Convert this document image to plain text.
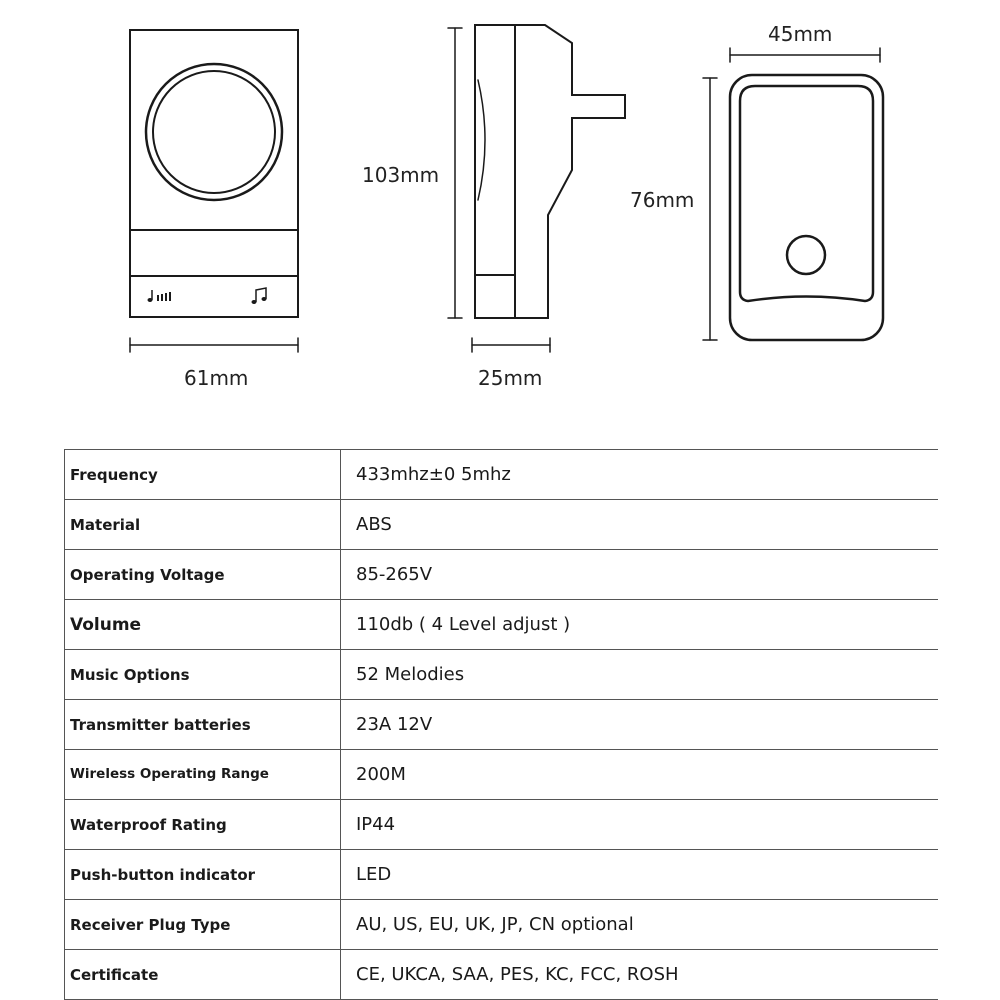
61mm
103mm
25mm
45mm
76mm
Frequency	433mhz±0 5mhz
Material	ABS
Operating Voltage	85-265V
Volume	110db ( 4 Level adjust )
Music Options	52 Melodies
Transmitter batteries	23A 12V
Wireless Operating Range	200M
Waterproof Rating	IP44
Push-button indicator	LED
Receiver Plug Type	AU, US, EU, UK, JP, CN optional
Certificate	CE, UKCA, SAA, PES, KC, FCC, ROSH
